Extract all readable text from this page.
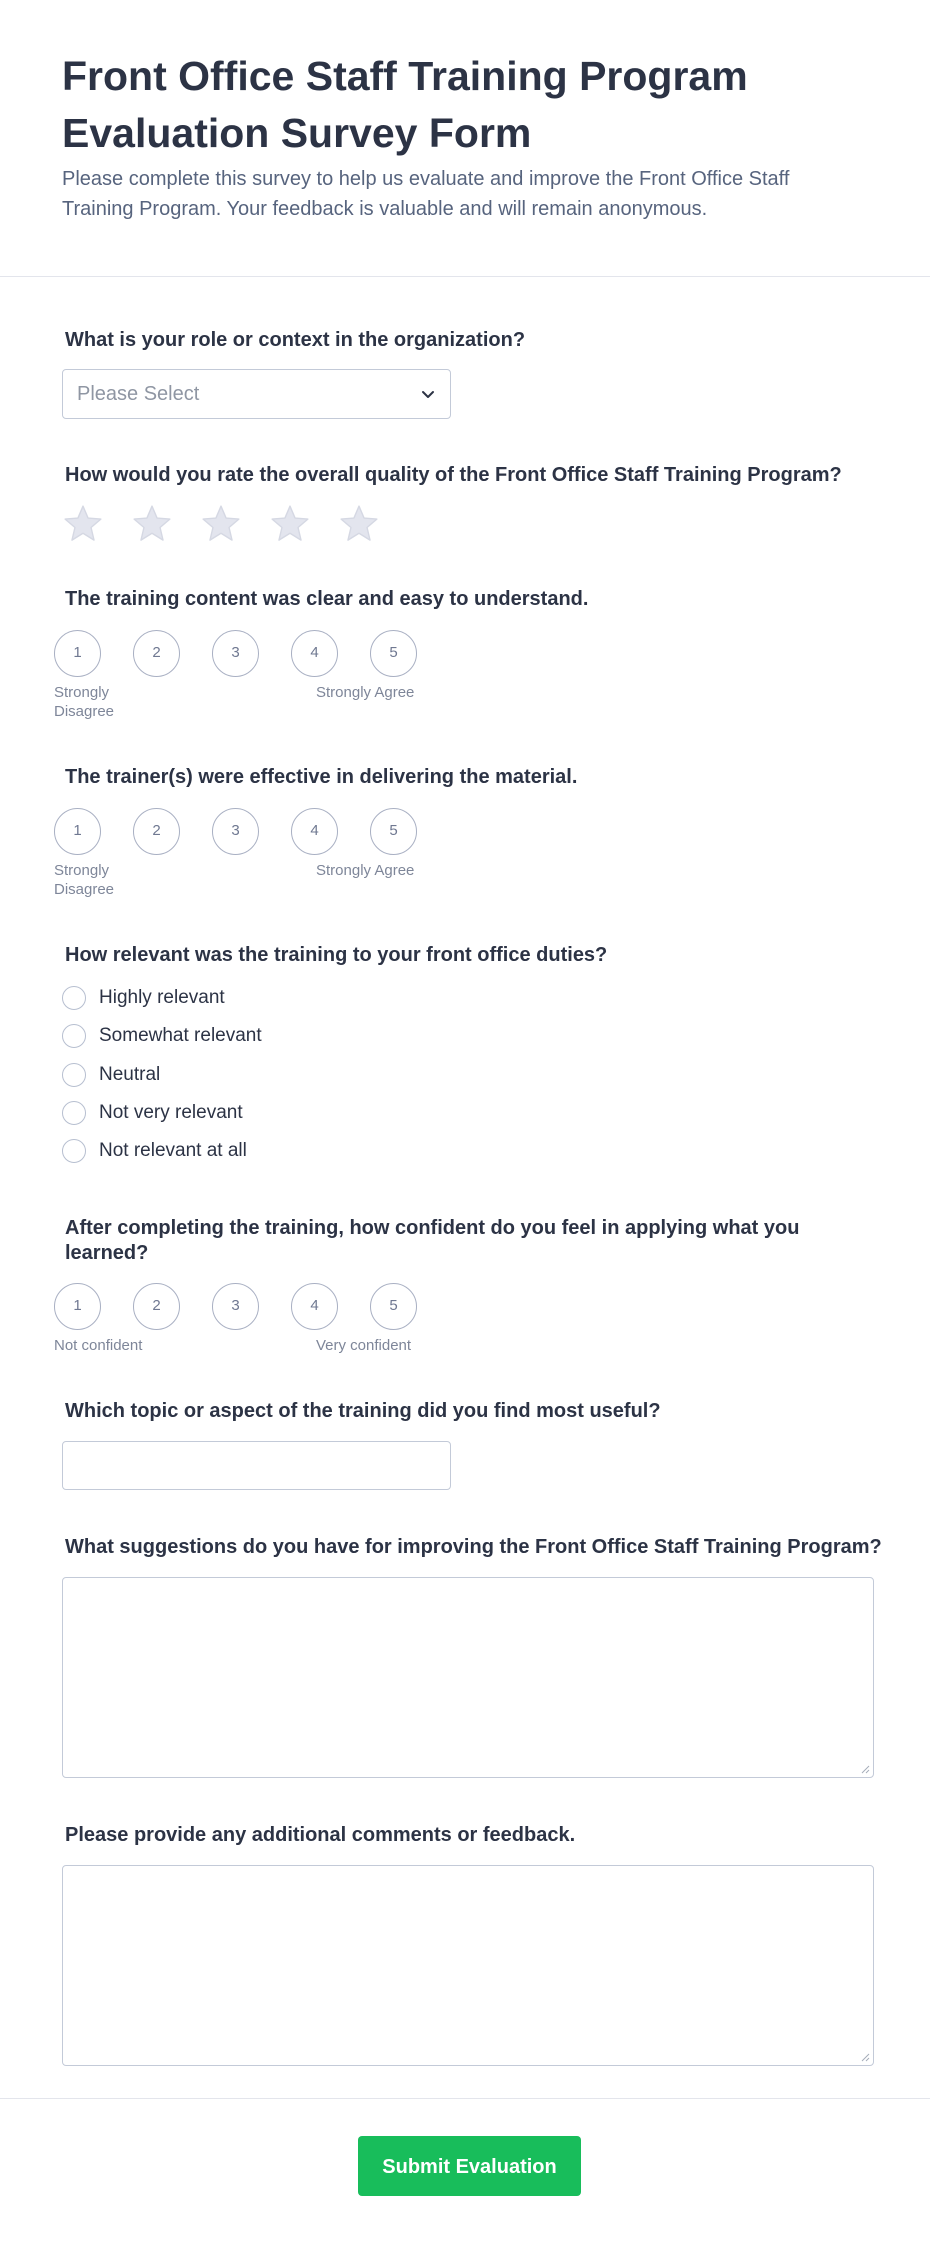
Front Office Staff Training Program Evaluation Survey Form

Please complete this survey to help us evaluate and improve the Front Office Staff Training Program. Your feedback is valuable and will remain anonymous.

What is your role or context in the organization?

Please Select

How would you rate the overall quality of the Front Office Staff Training Program?

The training content was clear and easy to understand.

1	2	3	4	5
Strongly Disagree
Strongly Agree

The trainer(s) were effective in delivering the material.

1	2	3	4	5
Strongly Disagree
Strongly Agree

How relevant was the training to your front office duties?

Highly relevant
Somewhat relevant
Neutral
Not very relevant
Not relevant at all

After completing the training, how confident do you feel in applying what you learned?

1	2	3	4	5
Not confident	Very confident

Which topic or aspect of the training did you find most useful?

What suggestions do you have for improving the Front Office Staff Training Program?

Please provide any additional comments or feedback.

Submit Evaluation
